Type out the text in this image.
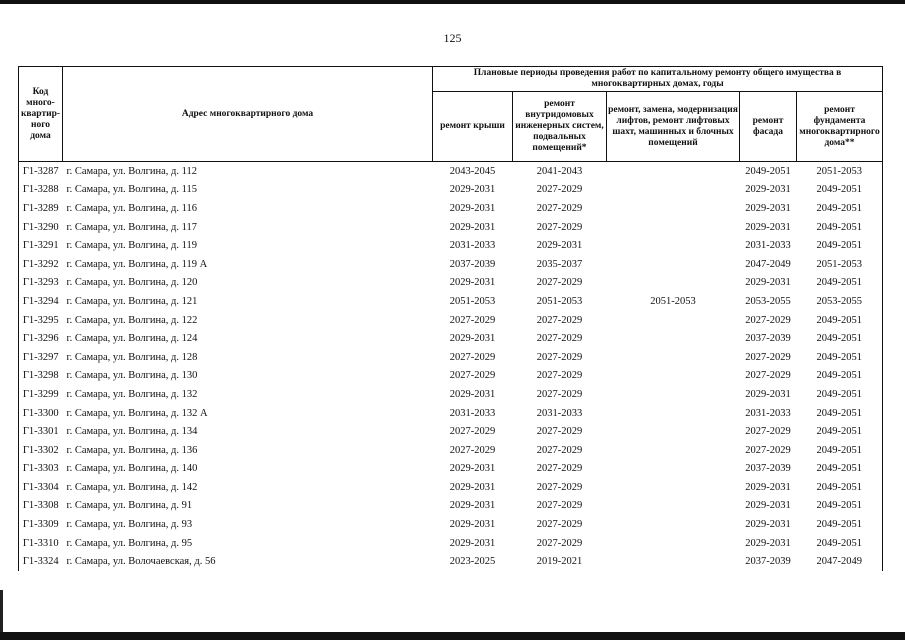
125
Код много-квартир-ного дома	Адрес многоквартирного дома	Плановые периоды проведения работ по капитальному ремонту общего имущества в многоквартирных домах, годы				
		ремонт крыши	ремонт внутридомовых инженерных систем, подвальных помещений*	ремонт, замена, модернизация лифтов, ремонт лифтовых шахт, машинных и блочных помещений	ремонт фасада	ремонт фундамента многоквартирного дома**
Г1-3287	г. Самара, ул. Волгина, д. 112	2043-2045	2041-2043		2049-2051	2051-2053
Г1-3288	г. Самара, ул. Волгина, д. 115	2029-2031	2027-2029		2029-2031	2049-2051
Г1-3289	г. Самара, ул. Волгина, д. 116	2029-2031	2027-2029		2029-2031	2049-2051
Г1-3290	г. Самара, ул. Волгина, д. 117	2029-2031	2027-2029		2029-2031	2049-2051
Г1-3291	г. Самара, ул. Волгина, д. 119	2031-2033	2029-2031		2031-2033	2049-2051
Г1-3292	г. Самара, ул. Волгина, д. 119 А	2037-2039	2035-2037		2047-2049	2051-2053
Г1-3293	г. Самара, ул. Волгина, д. 120	2029-2031	2027-2029		2029-2031	2049-2051
Г1-3294	г. Самара, ул. Волгина, д. 121	2051-2053	2051-2053	2051-2053	2053-2055	2053-2055
Г1-3295	г. Самара, ул. Волгина, д. 122	2027-2029	2027-2029		2027-2029	2049-2051
Г1-3296	г. Самара, ул. Волгина, д. 124	2029-2031	2027-2029		2037-2039	2049-2051
Г1-3297	г. Самара, ул. Волгина, д. 128	2027-2029	2027-2029		2027-2029	2049-2051
Г1-3298	г. Самара, ул. Волгина, д. 130	2027-2029	2027-2029		2027-2029	2049-2051
Г1-3299	г. Самара, ул. Волгина, д. 132	2029-2031	2027-2029		2029-2031	2049-2051
Г1-3300	г. Самара, ул. Волгина, д. 132 А	2031-2033	2031-2033		2031-2033	2049-2051
Г1-3301	г. Самара, ул. Волгина, д. 134	2027-2029	2027-2029		2027-2029	2049-2051
Г1-3302	г. Самара, ул. Волгина, д. 136	2027-2029	2027-2029		2027-2029	2049-2051
Г1-3303	г. Самара, ул. Волгина, д. 140	2029-2031	2027-2029		2037-2039	2049-2051
Г1-3304	г. Самара, ул. Волгина, д. 142	2029-2031	2027-2029		2029-2031	2049-2051
Г1-3308	г. Самара, ул. Волгина, д. 91	2029-2031	2027-2029		2029-2031	2049-2051
Г1-3309	г. Самара, ул. Волгина, д. 93	2029-2031	2027-2029		2029-2031	2049-2051
Г1-3310	г. Самара, ул. Волгина, д. 95	2029-2031	2027-2029		2029-2031	2049-2051
Г1-3324	г. Самара, ул. Волочаевская, д. 56	2023-2025	2019-2021		2037-2039	2047-2049
